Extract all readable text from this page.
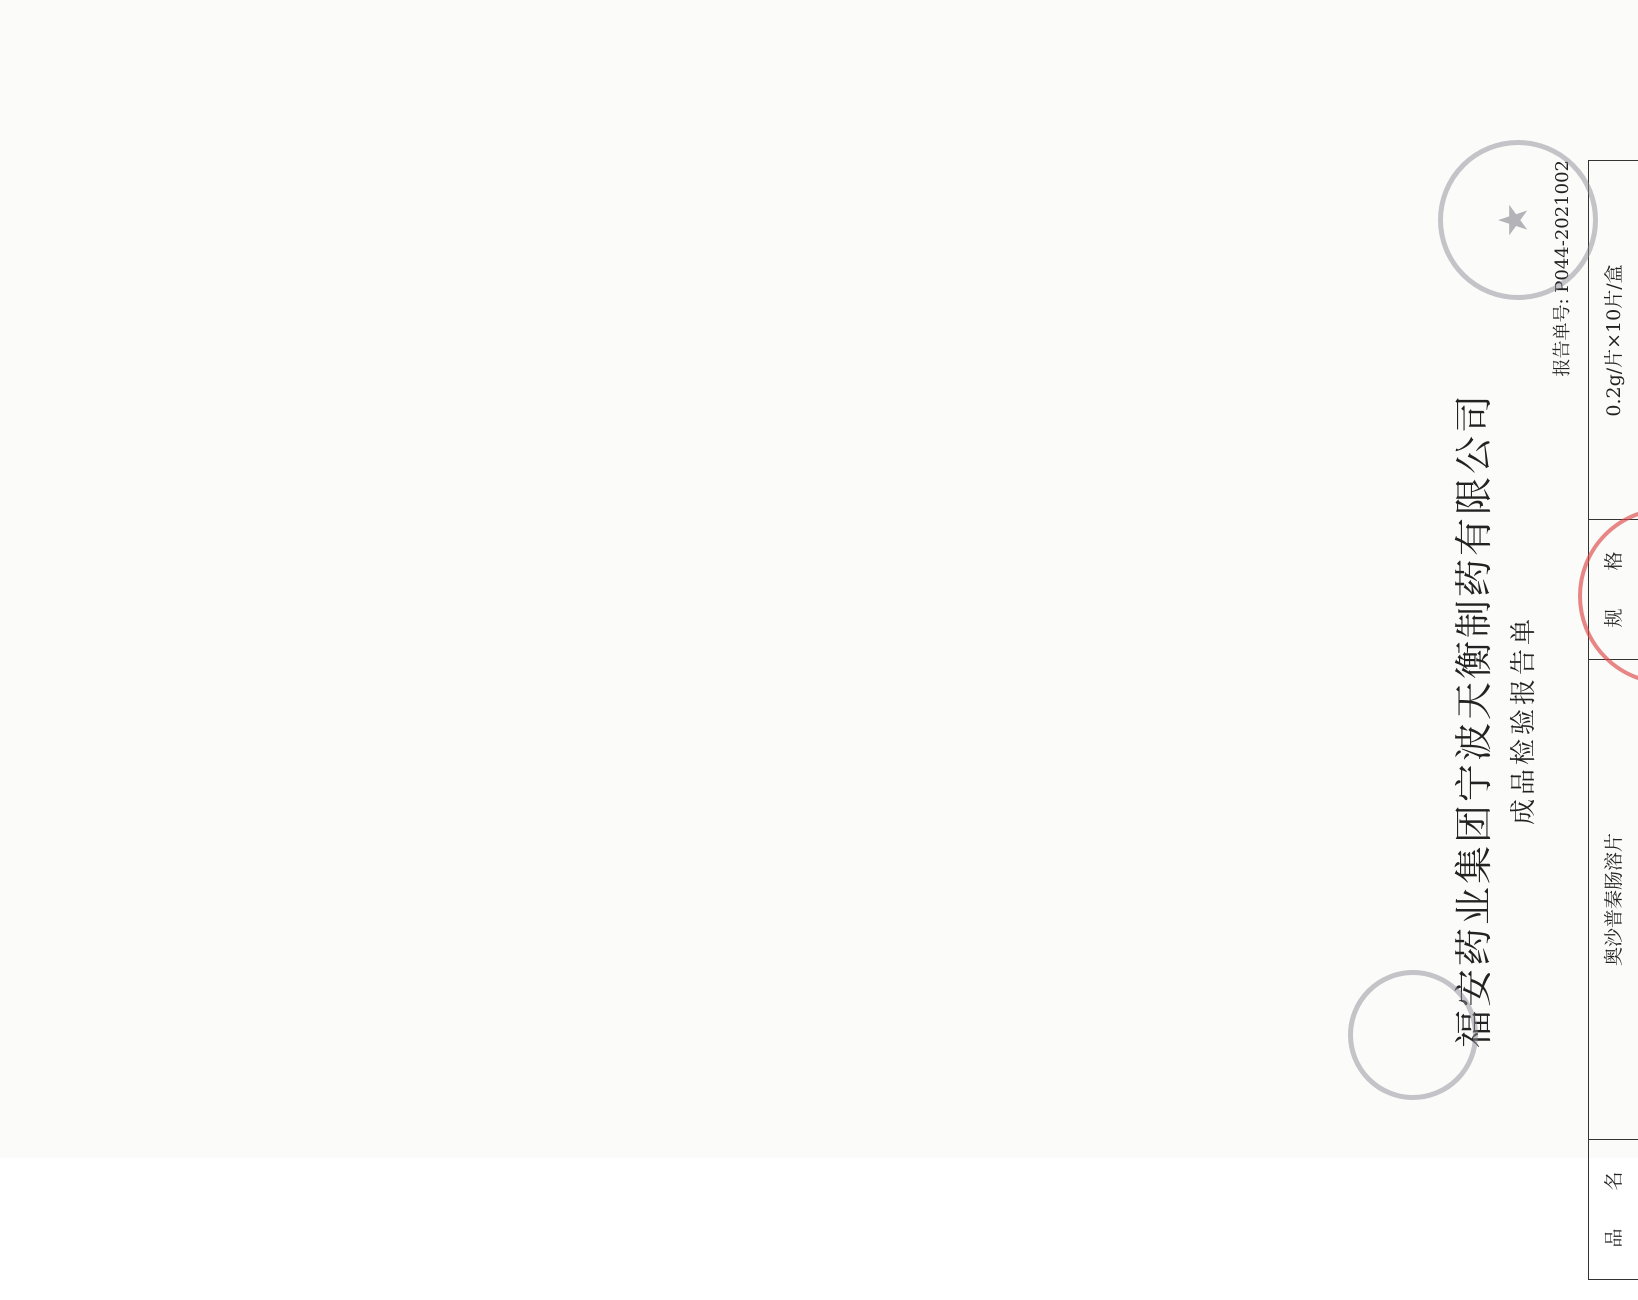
福安药业集团宁波天衡制药有限公司 成品检验报告单
报告单号: P044-2021002
品　　名
奥沙普秦肠溶片
规　　格
0.2g/片×10片/盒
★
